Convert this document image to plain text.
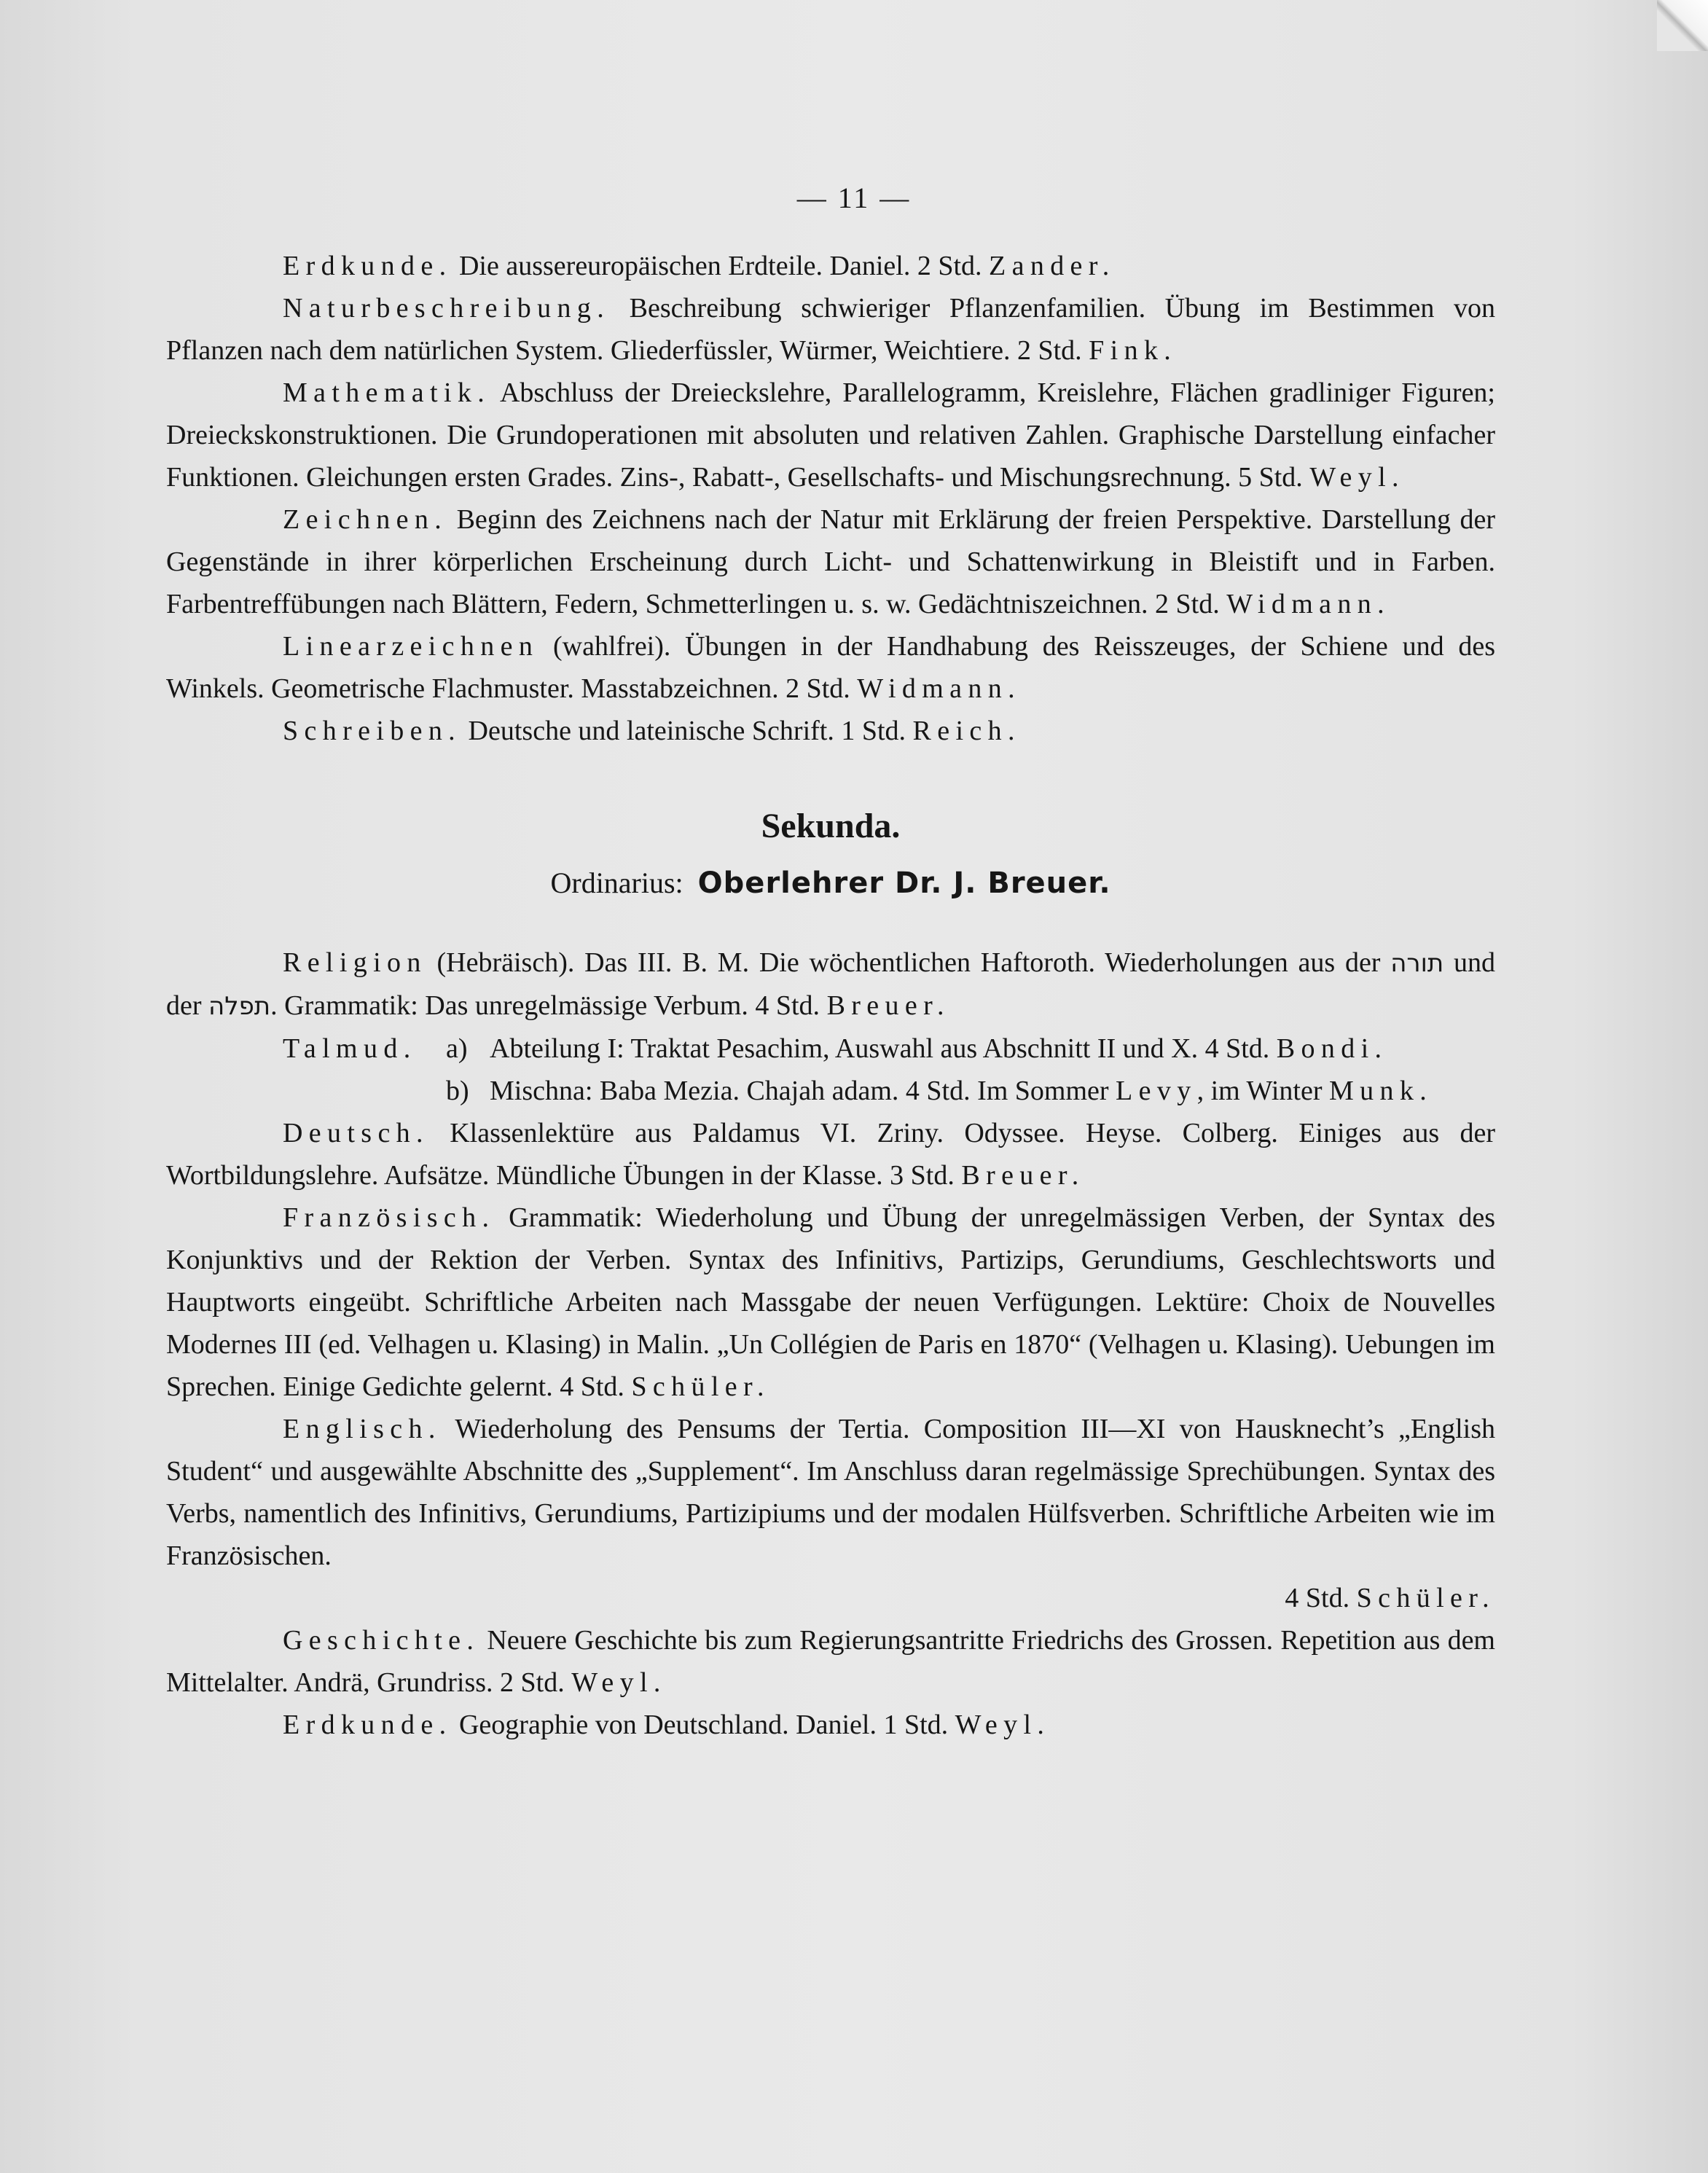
— 11 —

Erdkunde. Die aussereuropäischen Erdteile. Daniel. 2 Std. Zander.

Naturbeschreibung. Beschreibung schwieriger Pflanzenfamilien. Übung im Bestimmen von Pflanzen nach dem natürlichen System. Gliederfüssler, Würmer, Weichtiere. 2 Std. Fink.

Mathematik. Abschluss der Dreieckslehre, Parallelogramm, Kreislehre, Flächen gradliniger Figuren; Dreieckskonstruktionen. Die Grundoperationen mit absoluten und relativen Zahlen. Graphische Darstellung einfacher Funktionen. Gleichungen ersten Grades. Zins-, Rabatt-, Gesellschafts- und Mischungsrechnung. 5 Std. Weyl.

Zeichnen. Beginn des Zeichnens nach der Natur mit Erklärung der freien Perspektive. Darstellung der Gegenstände in ihrer körperlichen Erscheinung durch Licht- und Schattenwirkung in Bleistift und in Farben. Farbentreffübungen nach Blättern, Federn, Schmetterlingen u. s. w. Gedächtniszeichnen. 2 Std. Widmann.

Linearzeichnen (wahlfrei). Übungen in der Handhabung des Reisszeuges, der Schiene und des Winkels. Geometrische Flachmuster. Masstabzeichnen. 2 Std. Widmann.

Schreiben. Deutsche und lateinische Schrift. 1 Std. Reich.

Sekunda.
Ordinarius: Oberlehrer Dr. J. Breuer.

Religion (Hebräisch). Das III. B. M. Die wöchentlichen Haftoroth. Wiederholungen aus der תורה und der תפלה. Grammatik: Das unregelmässige Verbum. 4 Std. Breuer.

Talmud.	a) Abteilung I: Traktat Pesachim, Auswahl aus Abschnitt II und X. 4 Std. Bondi.
b) Mischna: Baba Mezia. Chajah adam. 4 Std. Im Sommer Levy, im Winter Munk.

Deutsch. Klassenlektüre aus Paldamus VI. Zriny. Odyssee. Heyse. Colberg. Einiges aus der Wortbildungslehre. Aufsätze. Mündliche Übungen in der Klasse. 3 Std. Breuer.

Französisch. Grammatik: Wiederholung und Übung der unregelmässigen Verben, der Syntax des Konjunktivs und der Rektion der Verben. Syntax des Infinitivs, Partizips, Gerundiums, Geschlechtsworts und Hauptworts eingeübt. Schriftliche Arbeiten nach Massgabe der neuen Verfügungen. Lektüre: Choix de Nouvelles Modernes III (ed. Velhagen u. Klasing) in Malin. „Un Collégien de Paris en 1870“ (Velhagen u. Klasing). Uebungen im Sprechen. Einige Gedichte gelernt. 4 Std. Schüler.

Englisch. Wiederholung des Pensums der Tertia. Composition III—XI von Hausknecht’s „English Student“ und ausgewählte Abschnitte des „Supplement“. Im Anschluss daran regelmässige Sprechübungen. Syntax des Verbs, namentlich des Infinitivs, Gerundiums, Partizipiums und der modalen Hülfsverben. Schriftliche Arbeiten wie im Französischen.

4 Std. Schüler.

Geschichte. Neuere Geschichte bis zum Regierungsantritte Friedrichs des Grossen. Repetition aus dem Mittelalter. Andrä, Grundriss. 2 Std. Weyl.

Erdkunde. Geographie von Deutschland. Daniel. 1 Std. Weyl.
